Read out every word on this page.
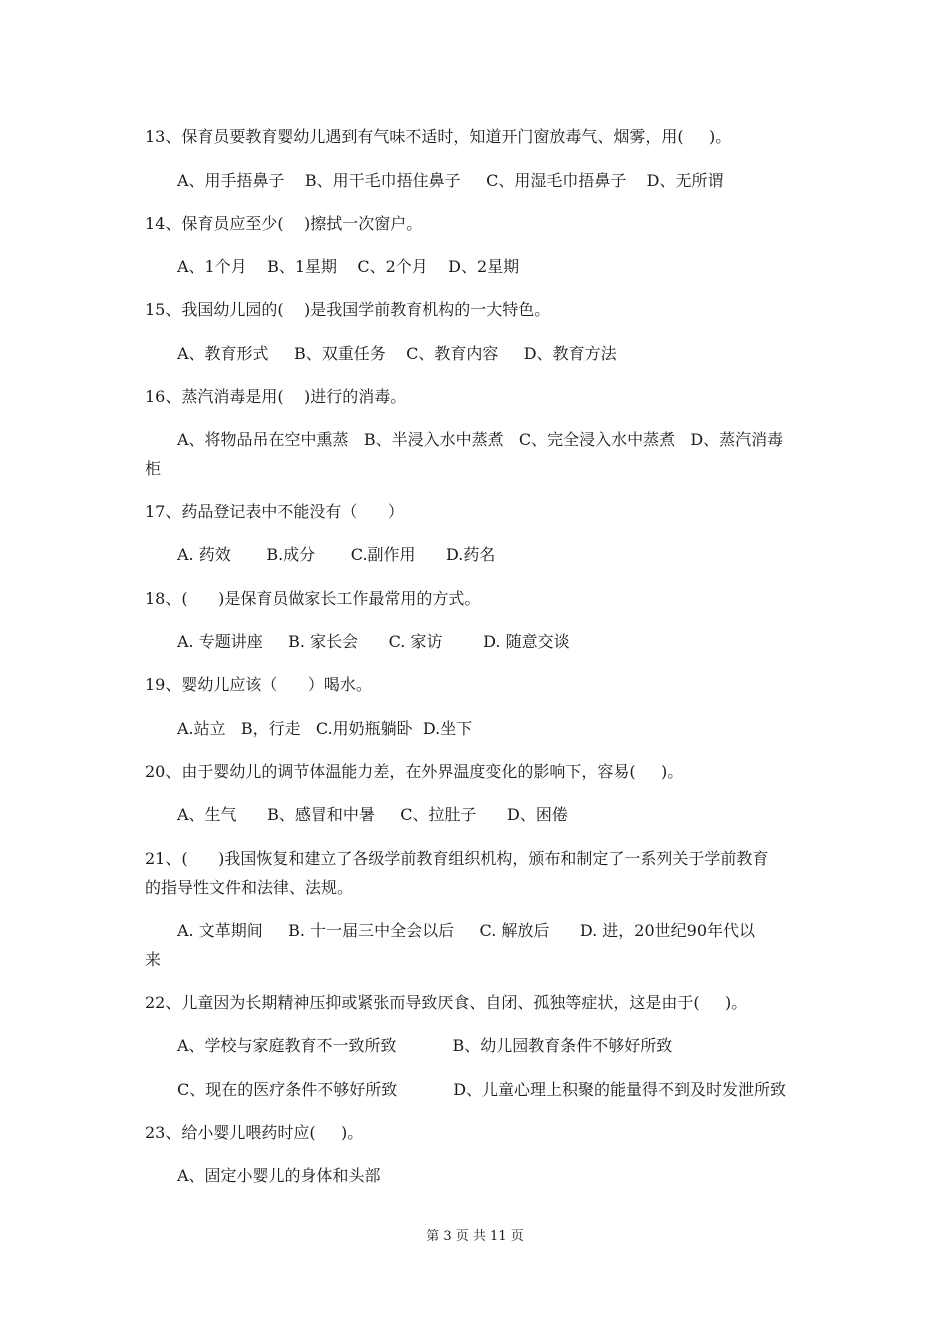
13、保育员要教育婴幼儿遇到有气味不适时，知道开门窗放毒气、烟雾，用(     )。
A、用手捂鼻子    B、用干毛巾捂住鼻子     C、用湿毛巾捂鼻子    D、无所谓
14、保育员应至少(    )擦拭一次窗户。
A、1个月    B、1星期    C、2个月    D、2星期
15、我国幼儿园的(    )是我国学前教育机构的一大特色。
A、教育形式     B、双重任务    C、教育内容     D、教育方法
16、蒸汽消毒是用(    )进行的消毒。
A、将物品吊在空中熏蒸   B、半浸入水中蒸煮   C、完全浸入水中蒸煮   D、蒸汽消毒
柜
17、药品登记表中不能没有（      ）
A. 药效       B.成分       C.副作用      D.药名
18、(      )是保育员做家长工作最常用的方式。
A. 专题讲座     B. 家长会      C. 家访        D. 随意交谈
19、婴幼儿应该（      ）喝水。
A.站立   B，行走   C.用奶瓶躺卧  D.坐下
20、由于婴幼儿的调节体温能力差，在外界温度变化的影响下，容易(     )。
A、生气      B、感冒和中暑     C、拉肚子      D、困倦
21、(      )我国恢复和建立了各级学前教育组织机构，颁布和制定了一系列关于学前教育
的指导性文件和法律、法规。
A. 文革期间     B. 十一届三中全会以后     C. 解放后      D. 进，20世纪90年代以
来
22、儿童因为长期精神压抑或紧张而导致厌食、自闭、孤独等症状，这是由于(     )。
A、学校与家庭教育不一致所致           B、幼儿园教育条件不够好所致
C、现在的医疗条件不够好所致           D、儿童心理上积聚的能量得不到及时发泄所致
23、给小婴儿喂药时应(     )。
A、固定小婴儿的身体和头部
第 3 页 共 11 页
